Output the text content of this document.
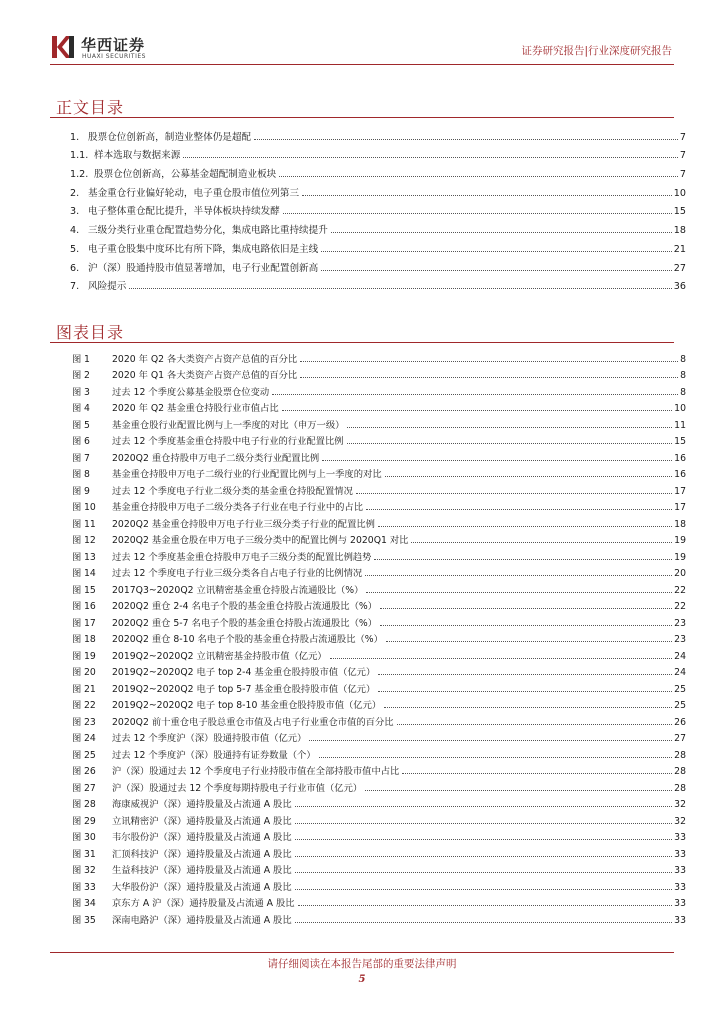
华西证券
HUAXI SECURITIES	证券研究报告|行业深度研究报告
正文目录
1. 股票仓位创新高，制造业整体仍是超配	7
1.1. 样本选取与数据来源	7
1.2. 股票仓位创新高，公募基金超配制造业板块	7
2. 基金重仓行业偏好轮动，电子重仓股市值位列第三	10
3. 电子整体重仓配比提升，半导体板块持续发酵	15
4. 三级分类行业重仓配置趋势分化，集成电路比重持续提升	18
5. 电子重仓股集中度环比有所下降，集成电路依旧是主线	21
6. 沪（深）股通持股市值显著增加，电子行业配置创新高	27
7. 风险提示	36
图表目录
图 1	2020 年 Q2 各大类资产占资产总值的百分比	8
图 2	2020 年 Q1 各大类资产占资产总值的百分比	8
图 3	过去 12 个季度公募基金股票仓位变动	8
图 4	2020 年 Q2 基金重仓持股行业市值占比	10
图 5	基金重仓股行业配置比例与上一季度的对比（申万一级）	11
图 6	过去 12 个季度基金重仓持股中电子行业的行业配置比例	15
图 7	2020Q2 重仓持股申万电子二级分类行业配置比例	16
图 8	基金重仓持股申万电子二级行业的行业配置比例与上一季度的对比	16
图 9	过去 12 个季度电子行业二级分类的基金重仓持股配置情况	17
图 10	基金重仓持股申万电子二级分类各子行业在电子行业中的占比	17
图 11	2020Q2 基金重仓持股申万电子行业三级分类子行业的配置比例	18
图 12	2020Q2 基金重仓股在申万电子三级分类中的配置比例与 2020Q1 对比	19
图 13	过去 12 个季度基金重仓持股申万电子三级分类的配置比例趋势	19
图 14	过去 12 个季度电子行业三级分类各自占电子行业的比例情况	20
图 15	2017Q3~2020Q2 立讯精密基金重仓持股占流通股比（%）	22
图 16	2020Q2 重仓 2-4 名电子个股的基金重仓持股占流通股比（%）	22
图 17	2020Q2 重仓 5-7 名电子个股的基金重仓持股占流通股比（%）	23
图 18	2020Q2 重仓 8-10 名电子个股的基金重仓持股占流通股比（%）	23
图 19	2019Q2~2020Q2 立讯精密基金持股市值（亿元）	24
图 20	2019Q2~2020Q2 电子 top 2-4 基金重仓股持股市值（亿元）	24
图 21	2019Q2~2020Q2 电子 top 5-7 基金重仓股持股市值（亿元）	25
图 22	2019Q2~2020Q2 电子 top 8-10 基金重仓股持股市值（亿元）	25
图 23	2020Q2 前十重仓电子股总重仓市值及占电子行业重仓市值的百分比	26
图 24	过去 12 个季度沪（深）股通持股市值（亿元）	27
图 25	过去 12 个季度沪（深）股通持有证券数量（个）	28
图 26	沪（深）股通过去 12 个季度电子行业持股市值在全部持股市值中占比	28
图 27	沪（深）股通过去 12 个季度每期持股电子行业市值（亿元）	28
图 28	海康威视沪（深）通持股量及占流通 A 股比	32
图 29	立讯精密沪（深）通持股量及占流通 A 股比	32
图 30	韦尔股份沪（深）通持股量及占流通 A 股比	33
图 31	汇顶科技沪（深）通持股量及占流通 A 股比	33
图 32	生益科技沪（深）通持股量及占流通 A 股比	33
图 33	大华股份沪（深）通持股量及占流通 A 股比	33
图 34	京东方 A 沪（深）通持股量及占流通 A 股比	33
图 35	深南电路沪（深）通持股量及占流通 A 股比	33
请仔细阅读在本报告尾部的重要法律声明
5
